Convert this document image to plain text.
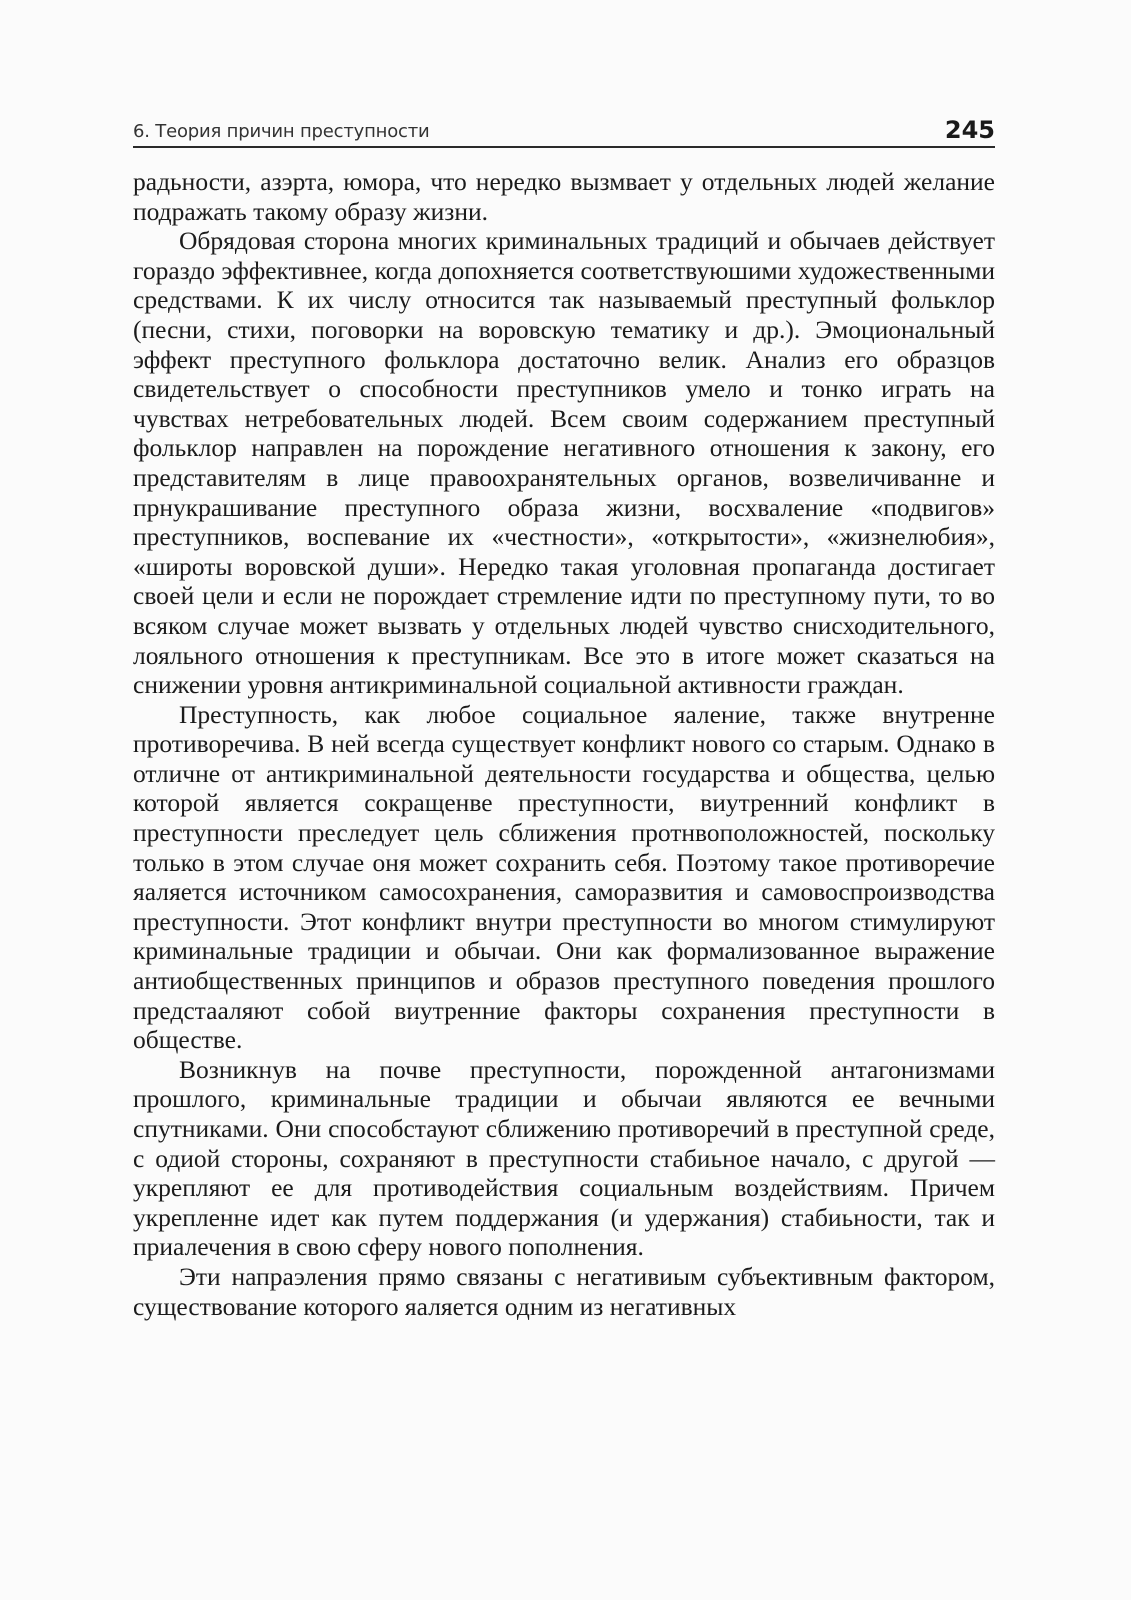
6. Теория причин преступности	245

радьности, азэрта, юмора, что нередко вызмвает у отдельных людей желание подражать такому образу жизни.

Обрядовая сторона многих криминальных традиций и обычаев действует гораздо эффективнее, когда допохняется соответствуюшими художественными средствами. К их числу относится так называемый преступный фольклор (песни, стихи, поговорки на воровскую тематику и др.). Эмоциональный эффект преступного фольклора достаточно велик. Анализ его образцов свидетельствует о способности преступников умело и тонко играть на чувствах нетребовательных людей. Всем своим содержанием преступный фольклор направлен на порождение негативного отношения к закону, его представителям в лице правоохранятельных органов, возвеличиванне и прнукрашивание преступного образа жизни, восхваление «подвигов» преступников, воспевание их «честности», «открытости», «жизнелюбия», «широты воровской души». Нередко такая уголовная пропаганда достигает своей цели и если не порождает стремление идти по преступному пути, то во всяком случае может вызвать у отдельных людей чувство снисходительного, лояльного отношения к преступникам. Все это в итоге может сказаться на снижении уровня антикриминальной социальной активности граждан.

Преступность, как любое социальное яаление, также внутренне противоречива. В ней всегда существует конфликт нового со старым. Однако в отличне от антикриминальной деятельности государства и общества, целью которой является сокращенве преступности, виутренний конфликт в преступности преследует цель сближения протнвоположностей, поскольку только в этом случае оня может сохранить себя. Поэтому такое противоречие яаляется источником самосохранения, саморазвития и самовоспроизводства преступности. Этот конфликт внутри преступности во многом стимулируют криминальные традиции и обычаи. Они как формализованное выражение антиобщественных принципов и образов преступного поведения прошлого предстааляют собой виутренние факторы сохранения преступности в обществе.

Возникнув на почве преступности, порожденной антагонизмами прошлого, криминальные традиции и обычаи являются ее вечными спутниками. Они способстауют сближению противоречий в преступной среде, с одиой стороны, сохраняют в преступности стабиьное начало, с другой — укрепляют ее для противодействия социальным воздействиям. Причем укрепленне идет как путем поддержания (и удержания) стабиьности, так и приалечения в свою сферу нового пополнения.

Эти напраэления прямо связаны с негативиым субъективным фактором, существование которого яаляется одним из негативных
